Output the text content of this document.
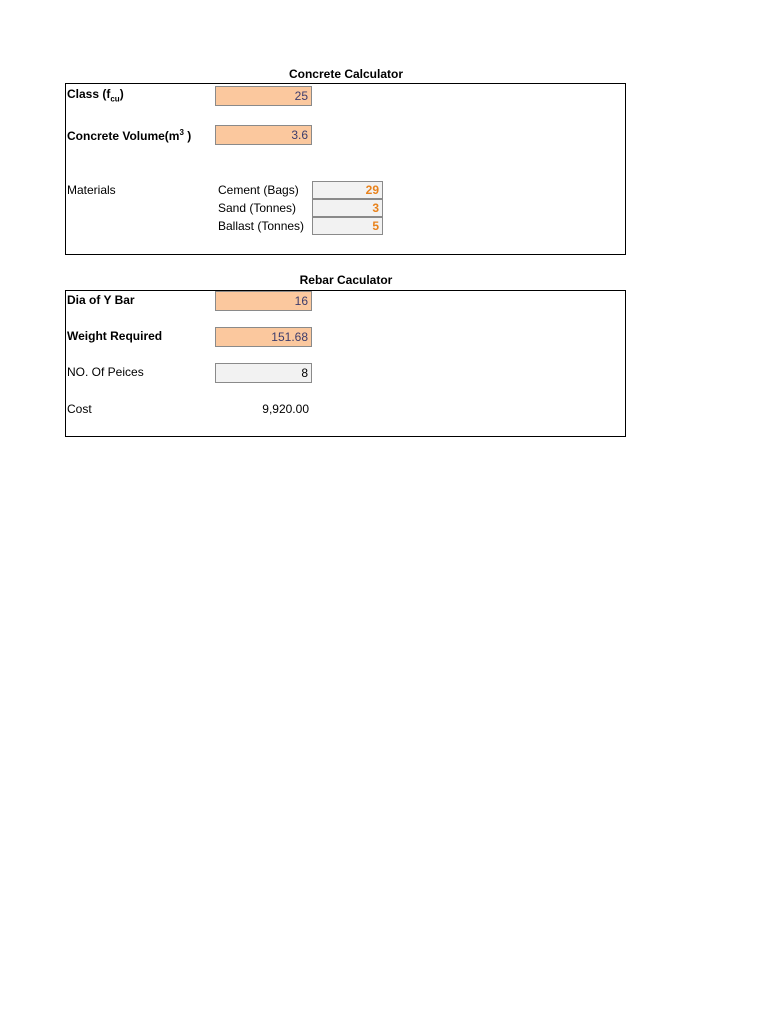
Concrete Calculator
Class $(f_{cu})$	25
Concrete $Volume(m^3$ )	3.6
Materials	Cement (Bags)	29
Sand (Tonnes)	3
Ballast (Tonnes)	5
Rebar Caculator
Dia of Y Bar	16
Weight Required	151.68
NO. Of Peices	8
Cost	9,920.00
